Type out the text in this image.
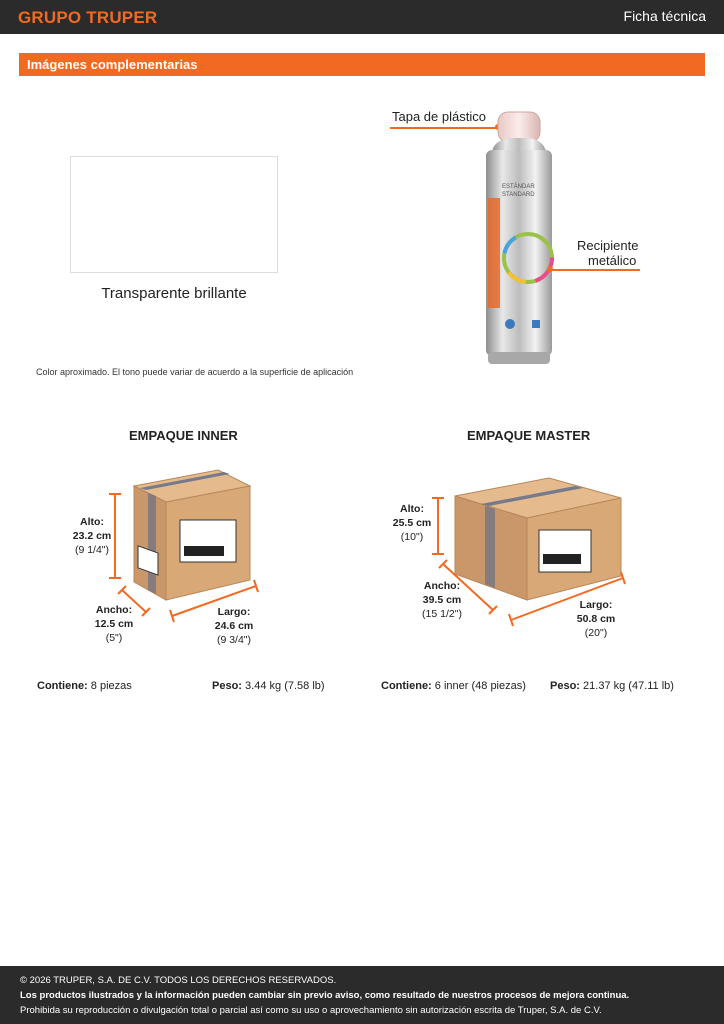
GRUPO TRUPER	Ficha técnica
Imágenes complementarias
Transparente brillante
Color aproximado. El tono puede variar de acuerdo a la superficie de aplicación
Tapa de plástico
ESTÁNDAR
STANDARD
Recipiente
metálico
EMPAQUE INNER
Alto:
23.2 cm
(9 1/4")
Ancho:
12.5 cm
(5")
Largo:
24.6 cm
(9 3/4")
Contiene: 8 piezas	Peso: 3.44 kg (7.58 lb)
EMPAQUE MASTER
Alto:
25.5 cm
(10")
Ancho:
39.5 cm
(15 1/2")
Largo:
50.8 cm
(20")
Contiene: 6 inner (48 piezas) Peso: 21.37 kg (47.11 lb)
© 2026 TRUPER, S.A. DE C.V. TODOS LOS DERECHOS RESERVADOS.
Los productos ilustrados y la información pueden cambiar sin previo aviso, como resultado de nuestros procesos de mejora continua.
Prohibida su reproducción o divulgación total o parcial así como su uso o aprovechamiento sin autorización escrita de Truper, S.A. de C.V.
